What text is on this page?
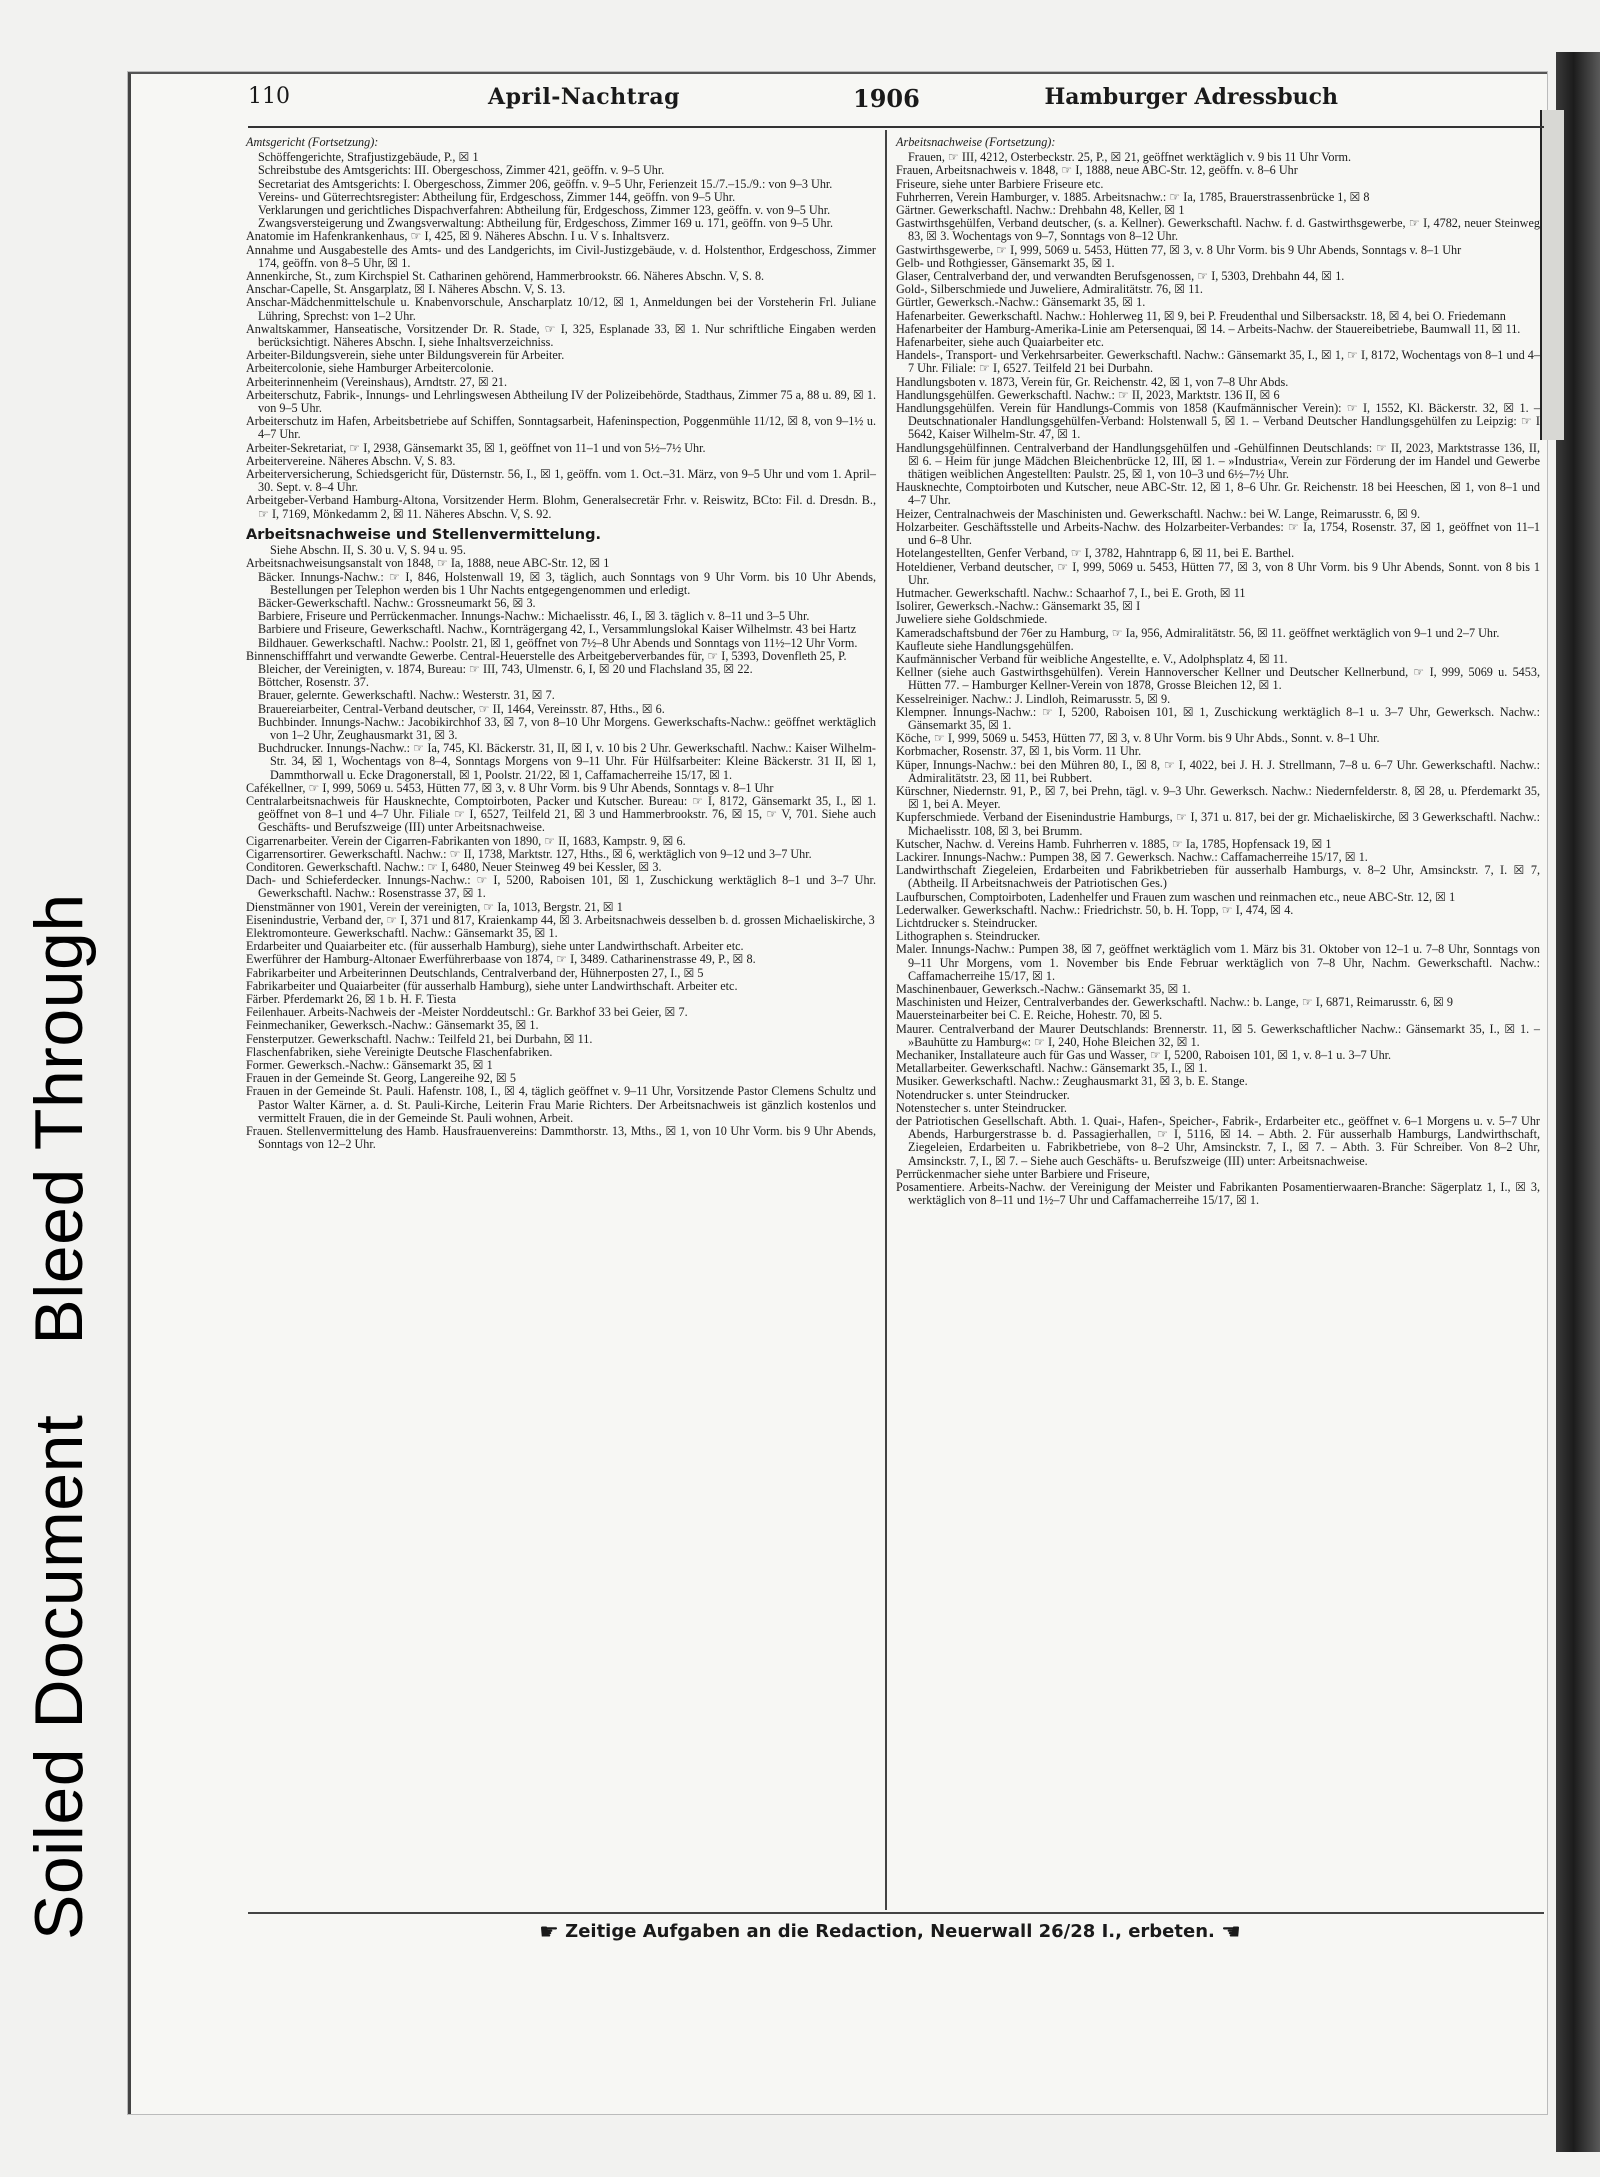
Soiled DocumentBleed Through
110	April-Nachtrag	1906	Hamburger Adressbuch

Amtsgericht (Fortsetzung):

Schöffengerichte, Strafjustizgebäude, P., ☒ 1

Schreibstube des Amtsgerichts: III. Obergeschoss, Zimmer 421, geöffn. v. 9–5 Uhr.

Secretariat des Amtsgerichts: I. Obergeschoss, Zimmer 206, geöffn. v. 9–5 Uhr, Ferienzeit 15./7.–15./9.: von 9–3 Uhr.

Vereins- und Güterrechtsregister: Abtheilung für, Erdgeschoss, Zimmer 144, geöffn. von 9–5 Uhr.

Verklarungen und gerichtliches Dispachverfahren: Abtheilung für, Erdgeschoss, Zimmer 123, geöffn. v. von 9–5 Uhr.

Zwangsversteigerung und Zwangsverwaltung: Abtheilung für, Erdgeschoss, Zimmer 169 u. 171, geöffn. von 9–5 Uhr.

Anatomie im Hafenkrankenhaus, ☞ I, 425, ☒ 9. Näheres Abschn. I u. V s. Inhaltsverz.

Annahme und Ausgabestelle des Amts- und des Landgerichts, im Civil-Justizgebäude, v. d. Holstenthor, Erdgeschoss, Zimmer 174, geöffn. von 8–5 Uhr, ☒ 1.

Annenkirche, St., zum Kirchspiel St. Catharinen gehörend, Hammerbrookstr. 66. Näheres Abschn. V, S. 8.

Anschar-Capelle, St. Ansgarplatz, ☒ I. Näheres Abschn. V, S. 13.

Anschar-Mädchenmittelschule u. Knabenvorschule, Anscharplatz 10/12, ☒ 1, Anmeldungen bei der Vorsteherin Frl. Juliane Lühring, Sprechst: von 1–2 Uhr.

Anwaltskammer, Hanseatische, Vorsitzender Dr. R. Stade, ☞ I, 325, Esplanade 33, ☒ 1. Nur schriftliche Eingaben werden berücksichtigt. Näheres Abschn. I, siehe Inhaltsverzeichniss.

Arbeiter-Bildungsverein, siehe unter Bildungsverein für Arbeiter.

Arbeitercolonie, siehe Hamburger Arbeitercolonie.

Arbeiterinnenheim (Vereinshaus), Arndtstr. 27, ☒ 21.

Arbeiterschutz, Fabrik-, Innungs- und Lehrlingswesen Abtheilung IV der Polizeibehörde, Stadthaus, Zimmer 75 a, 88 u. 89, ☒ 1. von 9–5 Uhr.

Arbeiterschutz im Hafen, Arbeitsbetriebe auf Schiffen, Sonntagsarbeit, Hafeninspection, Poggenmühle 11/12, ☒ 8, von 9–1½ u. 4–7 Uhr.

Arbeiter-Sekretariat, ☞ I, 2938, Gänsemarkt 35, ☒ 1, geöffnet von 11–1 und von 5½–7½ Uhr.

Arbeitervereine. Näheres Abschn. V, S. 83.

Arbeiterversicherung, Schiedsgericht für, Düsternstr. 56, I., ☒ 1, geöffn. vom 1. Oct.–31. März, von 9–5 Uhr und vom 1. April–30. Sept. v. 8–4 Uhr.

Arbeitgeber-Verband Hamburg-Altona, Vorsitzender Herm. Blohm, Generalsecretär Frhr. v. Reiswitz, BCto: Fil. d. Dresdn. B., ☞ I, 7169, Mönkedamm 2, ☒ 11. Näheres Abschn. V, S. 92.

Arbeitsnachweise und Stellenvermittelung.

Siehe Abschn. II, S. 30 u. V, S. 94 u. 95.

Arbeitsnachweisungsanstalt von 1848, ☞ Ia, 1888, neue ABC-Str. 12, ☒ 1

Bäcker. Innungs-Nachw.: ☞ I, 846, Holstenwall 19, ☒ 3, täglich, auch Sonntags von 9 Uhr Vorm. bis 10 Uhr Abends, Bestellungen per Telephon werden bis 1 Uhr Nachts entgegengenommen und erledigt.

Bäcker-Gewerkschaftl. Nachw.: Grossneumarkt 56, ☒ 3.

Barbiere, Friseure und Perrückenmacher. Innungs-Nachw.: Michaelisstr. 46, I., ☒ 3. täglich v. 8–11 und 3–5 Uhr.

Barbiere und Friseure, Gewerkschaftl. Nachw., Kornträgergang 42, I., Versammlungslokal Kaiser Wilhelmstr. 43 bei Hartz

Bildhauer. Gewerkschaftl. Nachw.: Poolstr. 21, ☒ 1, geöffnet von 7½–8 Uhr Abends und Sonntags von 11½–12 Uhr Vorm.

Binnenschifffahrt und verwandte Gewerbe. Central-Heuerstelle des Arbeitgeberverbandes für, ☞ I, 5393, Dovenfleth 25, P.

Bleicher, der Vereinigten, v. 1874, Bureau: ☞ III, 743, Ulmenstr. 6, I, ☒ 20 und Flachsland 35, ☒ 22.

Böttcher, Rosenstr. 37.

Brauer, gelernte. Gewerkschaftl. Nachw.: Westerstr. 31, ☒ 7.

Brauereiarbeiter, Central-Verband deutscher, ☞ II, 1464, Vereinsstr. 87, Hths., ☒ 6.

Buchbinder. Innungs-Nachw.: Jacobikirchhof 33, ☒ 7, von 8–10 Uhr Morgens. Gewerkschafts-Nachw.: geöffnet werktäglich von 1–2 Uhr, Zeughausmarkt 31, ☒ 3.

Buchdrucker. Innungs-Nachw.: ☞ Ia, 745, Kl. Bäckerstr. 31, II, ☒ I, v. 10 bis 2 Uhr. Gewerkschaftl. Nachw.: Kaiser Wilhelm-Str. 34, ☒ 1, Wochentags von 8–4, Sonntags Morgens von 9–11 Uhr. Für Hülfsarbeiter: Kleine Bäckerstr. 31 II, ☒ 1, Dammthorwall u. Ecke Dragonerstall, ☒ 1, Poolstr. 21/22, ☒ 1, Caffamacherreihe 15/17, ☒ 1.

Cafékellner, ☞ I, 999, 5069 u. 5453, Hütten 77, ☒ 3, v. 8 Uhr Vorm. bis 9 Uhr Abends, Sonntags v. 8–1 Uhr

Centralarbeitsnachweis für Hausknechte, Comptoirboten, Packer und Kutscher. Bureau: ☞ I, 8172, Gänsemarkt 35, I., ☒ 1. geöffnet von 8–1 und 4–7 Uhr. Filiale ☞ I, 6527, Teilfeld 21, ☒ 3 und Hammerbrookstr. 76, ☒ 15, ☞ V, 701. Siehe auch Geschäfts- und Berufszweige (III) unter Arbeitsnachweise.

Cigarrenarbeiter. Verein der Cigarren-Fabrikanten von 1890, ☞ II, 1683, Kampstr. 9, ☒ 6.

Cigarrensortirer. Gewerkschaftl. Nachw.: ☞ II, 1738, Marktstr. 127, Hths., ☒ 6, werktäglich von 9–12 und 3–7 Uhr.

Conditoren. Gewerkschaftl. Nachw.: ☞ I, 6480, Neuer Steinweg 49 bei Kessler, ☒ 3.

Dach- und Schieferdecker. Innungs-Nachw.: ☞ I, 5200, Raboisen 101, ☒ 1, Zuschickung werktäglich 8–1 und 3–7 Uhr. Gewerkschaftl. Nachw.: Rosenstrasse 37, ☒ 1.

Dienstmänner von 1901, Verein der vereinigten, ☞ Ia, 1013, Bergstr. 21, ☒ 1

Eisenindustrie, Verband der, ☞ I, 371 und 817, Kraienkamp 44, ☒ 3. Arbeitsnachweis desselben b. d. grossen Michaeliskirche, 3

Elektromonteure. Gewerkschaftl. Nachw.: Gänsemarkt 35, ☒ 1.

Erdarbeiter und Quaiarbeiter etc. (für ausserhalb Hamburg), siehe unter Landwirthschaft. Arbeiter etc.

Ewerführer der Hamburg-Altonaer Ewerführerbaase von 1874, ☞ I, 3489. Catharinenstrasse 49, P., ☒ 8.

Fabrikarbeiter und Arbeiterinnen Deutschlands, Centralverband der, Hühnerposten 27, I., ☒ 5

Fabrikarbeiter und Quaiarbeiter (für ausserhalb Hamburg), siehe unter Landwirthschaft. Arbeiter etc.

Färber. Pferdemarkt 26, ☒ 1 b. H. F. Tiesta

Feilenhauer. Arbeits-Nachweis der -Meister Norddeutschl.: Gr. Barkhof 33 bei Geier, ☒ 7.

Feinmechaniker, Gewerksch.-Nachw.: Gänsemarkt 35, ☒ 1.

Fensterputzer. Gewerkschaftl. Nachw.: Teilfeld 21, bei Durbahn, ☒ 11.

Flaschenfabriken, siehe Vereinigte Deutsche Flaschenfabriken.

Former. Gewerksch.-Nachw.: Gänsemarkt 35, ☒ 1

Frauen in der Gemeinde St. Georg, Langereihe 92, ☒ 5

Frauen in der Gemeinde St. Pauli. Hafenstr. 108, I., ☒ 4, täglich geöffnet v. 9–11 Uhr, Vorsitzende Pastor Clemens Schultz und Pastor Walter Kärner, a. d. St. Pauli-Kirche, Leiterin Frau Marie Richters. Der Arbeitsnachweis ist gänzlich kostenlos und vermittelt Frauen, die in der Gemeinde St. Pauli wohnen, Arbeit.

Frauen. Stellenvermittelung des Hamb. Hausfrauenvereins: Dammthorstr. 13, Mths., ☒ 1, von 10 Uhr Vorm. bis 9 Uhr Abends, Sonntags von 12–2 Uhr.

Arbeitsnachweise (Fortsetzung):

Frauen, ☞ III, 4212, Osterbeckstr. 25, P., ☒ 21, geöffnet werktäglich v. 9 bis 11 Uhr Vorm.

Frauen, Arbeitsnachweis v. 1848, ☞ I, 1888, neue ABC-Str. 12, geöffn. v. 8–6 Uhr

Friseure, siehe unter Barbiere Friseure etc.

Fuhrherren, Verein Hamburger, v. 1885. Arbeitsnachw.: ☞ Ia, 1785, Brauerstrassenbrücke 1, ☒ 8

Gärtner. Gewerkschaftl. Nachw.: Drehbahn 48, Keller, ☒ 1

Gastwirthsgehülfen, Verband deutscher, (s. a. Kellner). Gewerkschaftl. Nachw. f. d. Gastwirthsgewerbe, ☞ I, 4782, neuer Steinweg 83, ☒ 3. Wochentags von 9–7, Sonntags von 8–12 Uhr.

Gastwirthsgewerbe, ☞ I, 999, 5069 u. 5453, Hütten 77, ☒ 3, v. 8 Uhr Vorm. bis 9 Uhr Abends, Sonntags v. 8–1 Uhr

Gelb- und Rothgiesser, Gänsemarkt 35, ☒ 1.

Glaser, Centralverband der, und verwandten Berufsgenossen, ☞ I, 5303, Drehbahn 44, ☒ 1.

Gold-, Silberschmiede und Juweliere, Admiralitätstr. 76, ☒ 11.

Gürtler, Gewerksch.-Nachw.: Gänsemarkt 35, ☒ 1.

Hafenarbeiter. Gewerkschaftl. Nachw.: Hohlerweg 11, ☒ 9, bei P. Freudenthal und Silbersackstr. 18, ☒ 4, bei O. Friedemann

Hafenarbeiter der Hamburg-Amerika-Linie am Petersenquai, ☒ 14. – Arbeits-Nachw. der Stauereibetriebe, Baumwall 11, ☒ 11.

Hafenarbeiter, siehe auch Quaiarbeiter etc.

Handels-, Transport- und Verkehrsarbeiter. Gewerkschaftl. Nachw.: Gänsemarkt 35, I., ☒ 1, ☞ I, 8172, Wochentags von 8–1 und 4–7 Uhr. Filiale: ☞ I, 6527. Teilfeld 21 bei Durbahn.

Handlungsboten v. 1873, Verein für, Gr. Reichenstr. 42, ☒ 1, von 7–8 Uhr Abds.

Handlungsgehülfen. Gewerkschaftl. Nachw.: ☞ II, 2023, Marktstr. 136 II, ☒ 6

Handlungsgehülfen. Verein für Handlungs-Commis von 1858 (Kaufmännischer Verein): ☞ I, 1552, Kl. Bäckerstr. 32, ☒ 1. – Deutschnationaler Handlungsgehülfen-Verband: Holstenwall 5, ☒ 1. – Verband Deutscher Handlungsgehülfen zu Leipzig: ☞ I 5642, Kaiser Wilhelm-Str. 47, ☒ 1.

Handlungsgehülfinnen. Centralverband der Handlungsgehülfen und -Gehülfinnen Deutschlands: ☞ II, 2023, Marktstrasse 136, II, ☒ 6. – Heim für junge Mädchen Bleichenbrücke 12, III, ☒ 1. – »Industria«, Verein zur Förderung der im Handel und Gewerbe thätigen weiblichen Angestellten: Paulstr. 25, ☒ 1, von 10–3 und 6½–7½ Uhr.

Hausknechte, Comptoirboten und Kutscher, neue ABC-Str. 12, ☒ 1, 8–6 Uhr. Gr. Reichenstr. 18 bei Heeschen, ☒ 1, von 8–1 und 4–7 Uhr.

Heizer, Centralnachweis der Maschinisten und. Gewerkschaftl. Nachw.: bei W. Lange, Reimarusstr. 6, ☒ 9.

Holzarbeiter. Geschäftsstelle und Arbeits-Nachw. des Holzarbeiter-Verbandes: ☞ Ia, 1754, Rosenstr. 37, ☒ 1, geöffnet von 11–1 und 6–8 Uhr.

Hotelangestellten, Genfer Verband, ☞ I, 3782, Hahntrapp 6, ☒ 11, bei E. Barthel.

Hoteldiener, Verband deutscher, ☞ I, 999, 5069 u. 5453, Hütten 77, ☒ 3, von 8 Uhr Vorm. bis 9 Uhr Abends, Sonnt. von 8 bis 1 Uhr.

Hutmacher. Gewerkschaftl. Nachw.: Schaarhof 7, I., bei E. Groth, ☒ 11

Isolirer, Gewerksch.-Nachw.: Gänsemarkt 35, ☒ I

Juweliere siehe Goldschmiede.

Kameradschaftsbund der 76er zu Hamburg, ☞ Ia, 956, Admiralitätstr. 56, ☒ 11. geöffnet werktäglich von 9–1 und 2–7 Uhr.

Kaufleute siehe Handlungsgehülfen.

Kaufmännischer Verband für weibliche Angestellte, e. V., Adolphsplatz 4, ☒ 11.

Kellner (siehe auch Gastwirthsgehülfen). Verein Hannoverscher Kellner und Deutscher Kellnerbund, ☞ I, 999, 5069 u. 5453, Hütten 77. – Hamburger Kellner-Verein von 1878, Grosse Bleichen 12, ☒ 1.

Kesselreiniger. Nachw.: J. Lindloh, Reimarusstr. 5, ☒ 9.

Klempner. Innungs-Nachw.: ☞ I, 5200, Raboisen 101, ☒ 1, Zuschickung werktäglich 8–1 u. 3–7 Uhr, Gewerksch. Nachw.: Gänsemarkt 35, ☒ 1.

Köche, ☞ I, 999, 5069 u. 5453, Hütten 77, ☒ 3, v. 8 Uhr Vorm. bis 9 Uhr Abds., Sonnt. v. 8–1 Uhr.

Korbmacher, Rosenstr. 37, ☒ 1, bis Vorm. 11 Uhr.

Küper, Innungs-Nachw.: bei den Mühren 80, I., ☒ 8, ☞ I, 4022, bei J. H. J. Strellmann, 7–8 u. 6–7 Uhr. Gewerkschaftl. Nachw.: Admiralitätstr. 23, ☒ 11, bei Rubbert.

Kürschner, Niedernstr. 91, P., ☒ 7, bei Prehn, tägl. v. 9–3 Uhr. Gewerksch. Nachw.: Niedernfelderstr. 8, ☒ 28, u. Pferdemarkt 35, ☒ 1, bei A. Meyer.

Kupferschmiede. Verband der Eisenindustrie Hamburgs, ☞ I, 371 u. 817, bei der gr. Michaeliskirche, ☒ 3 Gewerkschaftl. Nachw.: Michaelisstr. 108, ☒ 3, bei Brumm.

Kutscher, Nachw. d. Vereins Hamb. Fuhrherren v. 1885, ☞ Ia, 1785, Hopfensack 19, ☒ 1

Lackirer. Innungs-Nachw.: Pumpen 38, ☒ 7. Gewerksch. Nachw.: Caffamacherreihe 15/17, ☒ 1.

Landwirthschaft Ziegeleien, Erdarbeiten und Fabrikbetrieben für ausserhalb Hamburgs, v. 8–2 Uhr, Amsinckstr. 7, I. ☒ 7, (Abtheilg. II Arbeitsnachweis der Patriotischen Ges.)

Laufburschen, Comptoirboten, Ladenhelfer und Frauen zum waschen und reinmachen etc., neue ABC-Str. 12, ☒ 1

Lederwalker. Gewerkschaftl. Nachw.: Friedrichstr. 50, b. H. Topp, ☞ I, 474, ☒ 4.

Lichtdrucker s. Steindrucker.

Lithographen s. Steindrucker.

Maler. Innungs-Nachw.: Pumpen 38, ☒ 7, geöffnet werktäglich vom 1. März bis 31. Oktober von 12–1 u. 7–8 Uhr, Sonntags von 9–11 Uhr Morgens, vom 1. November bis Ende Februar werktäglich von 7–8 Uhr, Nachm. Gewerkschaftl. Nachw.: Caffamacherreihe 15/17, ☒ 1.

Maschinenbauer, Gewerksch.-Nachw.: Gänsemarkt 35, ☒ 1.

Maschinisten und Heizer, Centralverbandes der. Gewerkschaftl. Nachw.: b. Lange, ☞ I, 6871, Reimarusstr. 6, ☒ 9

Mauersteinarbeiter bei C. E. Reiche, Hohestr. 70, ☒ 5.

Maurer. Centralverband der Maurer Deutschlands: Brennerstr. 11, ☒ 5. Gewerkschaftlicher Nachw.: Gänsemarkt 35, I., ☒ 1. – »Bauhütte zu Hamburg«: ☞ I, 240, Hohe Bleichen 32, ☒ 1.

Mechaniker, Installateure auch für Gas und Wasser, ☞ I, 5200, Raboisen 101, ☒ 1, v. 8–1 u. 3–7 Uhr.

Metallarbeiter. Gewerkschaftl. Nachw.: Gänsemarkt 35, I., ☒ 1.

Musiker. Gewerkschaftl. Nachw.: Zeughausmarkt 31, ☒ 3, b. E. Stange.

Notendrucker s. unter Steindrucker.

Notenstecher s. unter Steindrucker.

der Patriotischen Gesellschaft. Abth. 1. Quai-, Hafen-, Speicher-, Fabrik-, Erdarbeiter etc., geöffnet v. 6–1 Morgens u. v. 5–7 Uhr Abends, Harburgerstrasse b. d. Passagierhallen, ☞ I, 5116, ☒ 14. – Abth. 2. Für ausserhalb Hamburgs, Landwirthschaft, Ziegeleien, Erdarbeiten u. Fabrikbetriebe, von 8–2 Uhr, Amsinckstr. 7, I., ☒ 7. – Abth. 3. Für Schreiber. Von 8–2 Uhr, Amsinckstr. 7, I., ☒ 7. – Siehe auch Geschäfts- u. Berufszweige (III) unter: Arbeitsnachweise.

Perrückenmacher siehe unter Barbiere und Friseure,

Posamentiere. Arbeits-Nachw. der Vereinigung der Meister und Fabrikanten Posamentierwaaren-Branche: Sägerplatz 1, I., ☒ 3, werktäglich von 8–11 und 1½–7 Uhr und Caffamacherreihe 15/17, ☒ 1.

☛ Zeitige Aufgaben an die Redaction, Neuerwall 26/28 I., erbeten. ☚
